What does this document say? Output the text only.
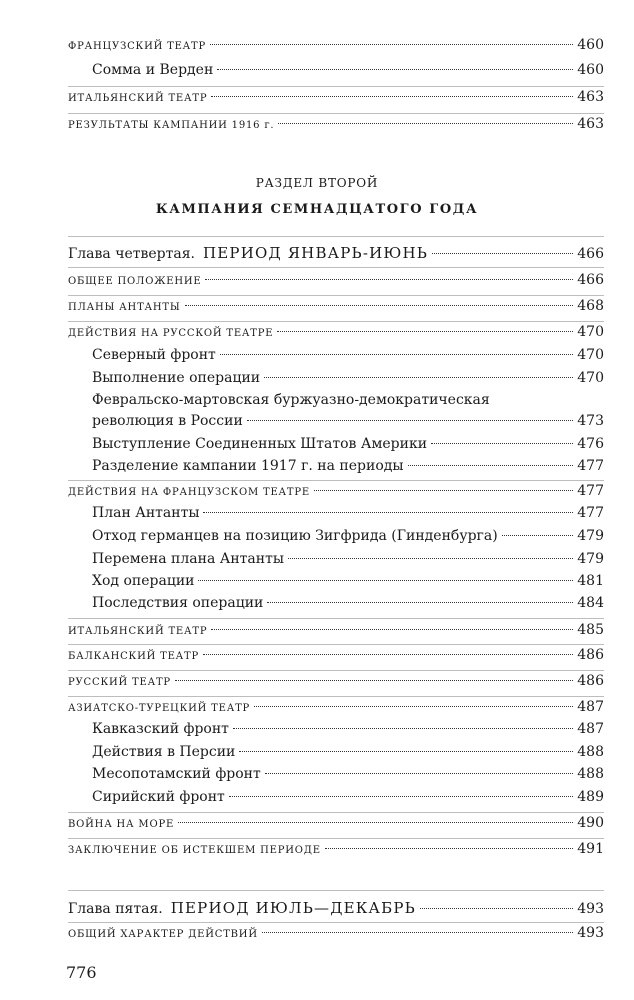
ФРАНЦУЗСКИЙ ТЕАТР	460
Сомма и Верден	460
ИТАЛЬЯНСКИЙ ТЕАТР	463
РЕЗУЛЬТАТЫ КАМПАНИИ 1916 г.	463
РАЗДЕЛ ВТОРОЙ
КАМПАНИЯ СЕМНАДЦАТОГО ГОДА
Глава четвертая. ПЕРИОД ЯНВАРЬ-ИЮНЬ	466
ОБЩЕЕ ПОЛОЖЕНИЕ	466
ПЛАНЫ АНТАНТЫ	468
ДЕЙСТВИЯ НА РУССКОЙ ТЕАТРЕ	470
Северный фронт	470
Выполнение операции	470
Февральско-мартовская буржуазно-демократическая
революция в России	473
Выступление Соединенных Штатов Америки	476
Разделение кампании 1917 г. на периоды	477
ДЕЙСТВИЯ НА ФРАНЦУЗСКОМ ТЕАТРЕ	477
План Антанты	477
Отход германцев на позицию Зигфрида (Гинденбурга)	479
Перемена плана Антанты	479
Ход операции	481
Последствия операции	484
ИТАЛЬЯНСКИЙ ТЕАТР	485
БАЛКАНСКИЙ ТЕАТР	486
РУССКИЙ ТЕАТР	486
АЗИАТСКО-ТУРЕЦКИЙ ТЕАТР	487
Кавказский фронт	487
Действия в Персии	488
Месопотамский фронт	488
Сирийский фронт	489
ВОЙНА НА МОРЕ	490
ЗАКЛЮЧЕНИЕ ОБ ИСТЕКШЕМ ПЕРИОДЕ	491
Глава пятая. ПЕРИОД ИЮЛЬ—ДЕКАБРЬ	493
ОБЩИЙ ХАРАКТЕР ДЕЙСТВИЙ	493
776
